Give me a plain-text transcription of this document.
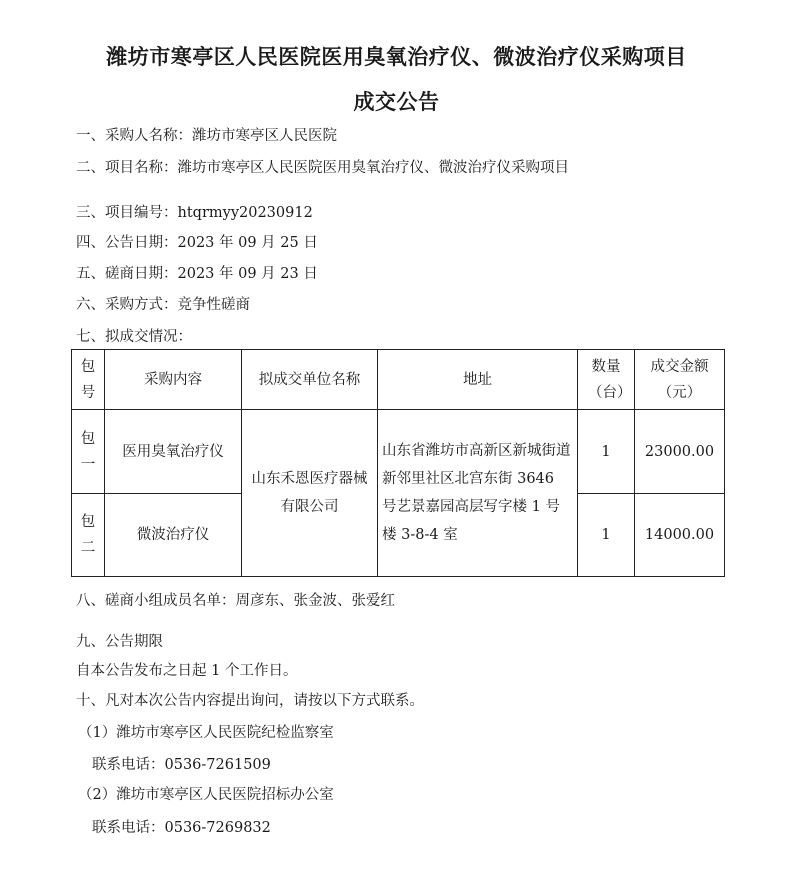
潍坊市寒亭区人民医院医用臭氧治疗仪、微波治疗仪采购项目
成交公告
一、采购人名称：潍坊市寒亭区人民医院
二、项目名称：潍坊市寒亭区人民医院医用臭氧治疗仪、微波治疗仪采购项目
三、项目编号：htqrmyy20230912
四、公告日期：2023 年 09 月 25 日
五、磋商日期：2023 年 09 月 23 日
六、采购方式：竞争性磋商
七、拟成交情况：
包号	采购内容	拟成交单位名称	地址	数量（台）	成交金额（元）
包一	医用臭氧治疗仪	山东禾恩医疗器械有限公司	山东省潍坊市高新区新城街道新邻里社区北宫东街 3646 号艺景嘉园高层写字楼 1 号楼 3-8-4 室	1	23000.00
包二	微波治疗仪			1	14000.00
八、磋商小组成员名单：周彦东、张金波、张爱红
九、公告期限
自本公告发布之日起 1 个工作日。
十、凡对本次公告内容提出询问，请按以下方式联系。
（1）潍坊市寒亭区人民医院纪检监察室
联系电话：0536-7261509
（2）潍坊市寒亭区人民医院招标办公室
联系电话：0536-7269832
